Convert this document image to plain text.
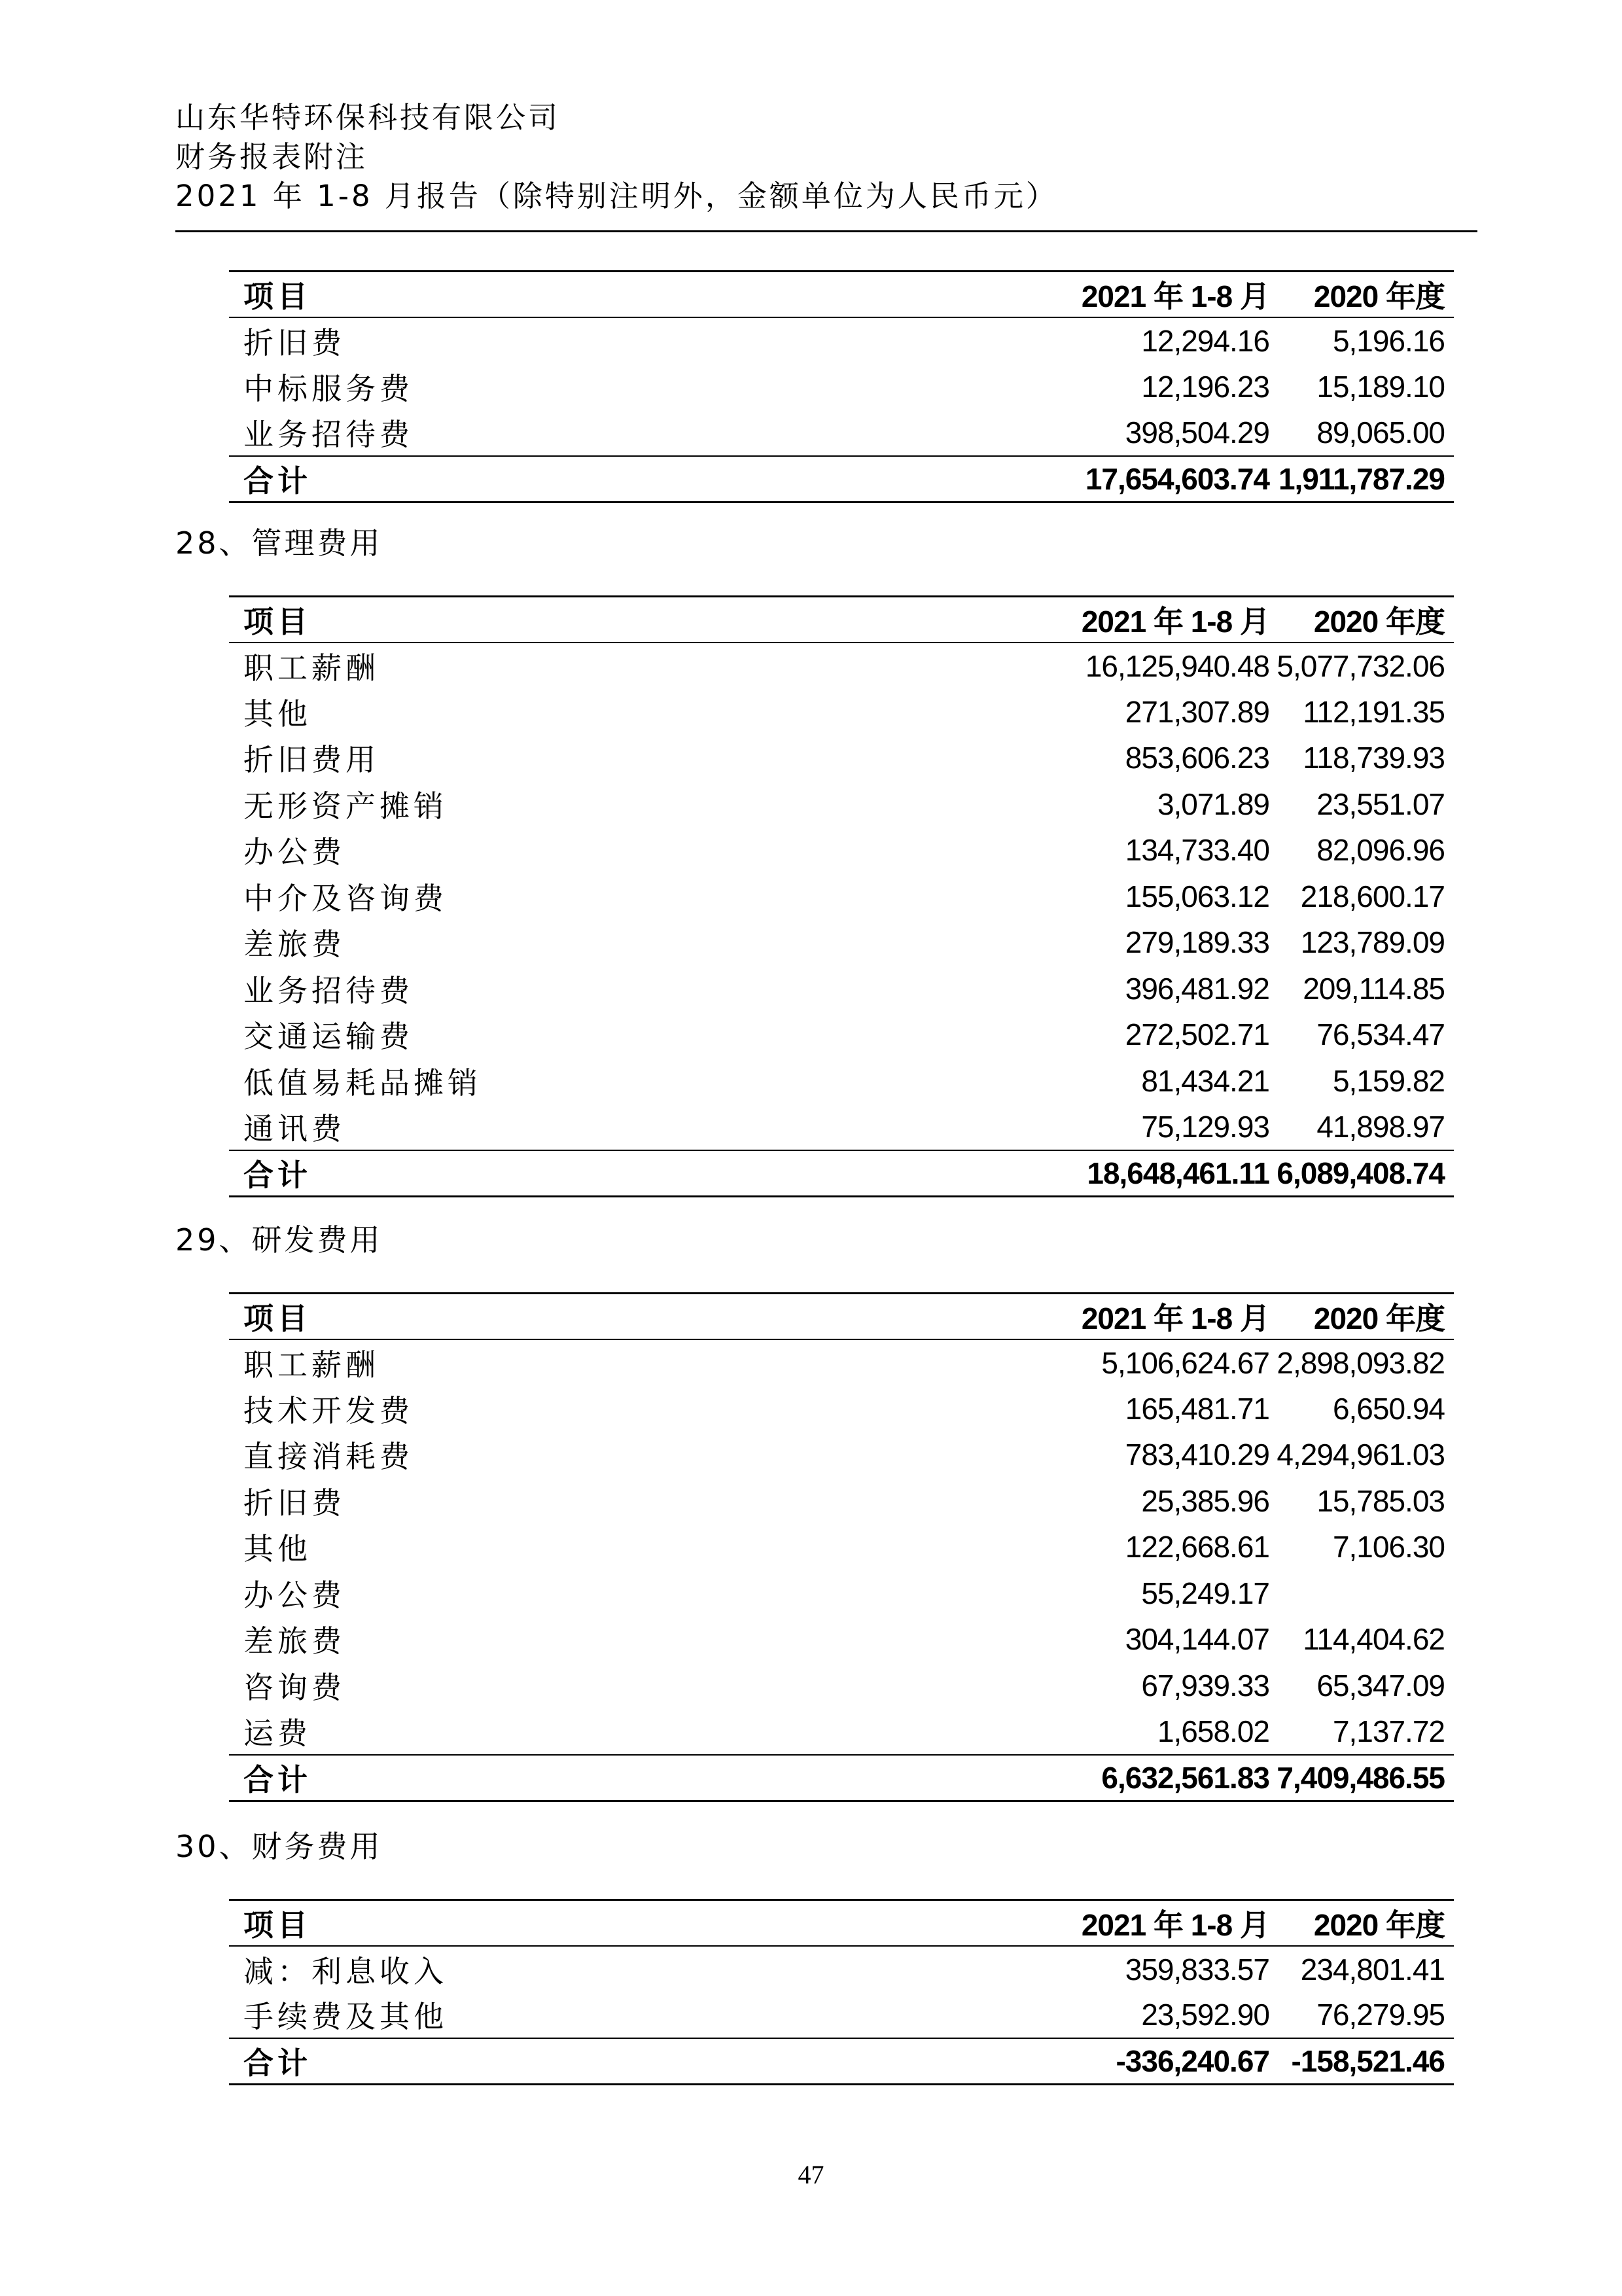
山东华特环保科技有限公司
财务报表附注
2021 年 1-8 月报告（除特别注明外，金额单位为人民币元）
项目	2021 年 1-8 月	2020 年度
折旧费	12,294.16	5,196.16
中标服务费	12,196.23	15,189.10
业务招待费	398,504.29	89,065.00
合计	17,654,603.74	1,911,787.29
28、管理费用
项目	2021 年 1-8 月	2020 年度
职工薪酬	16,125,940.48	5,077,732.06
其他	271,307.89	112,191.35
折旧费用	853,606.23	118,739.93
无形资产摊销	3,071.89	23,551.07
办公费	134,733.40	82,096.96
中介及咨询费	155,063.12	218,600.17
差旅费	279,189.33	123,789.09
业务招待费	396,481.92	209,114.85
交通运输费	272,502.71	76,534.47
低值易耗品摊销	81,434.21	5,159.82
通讯费	75,129.93	41,898.97
合计	18,648,461.11	6,089,408.74
29、研发费用
项目	2021 年 1-8 月	2020 年度
职工薪酬	5,106,624.67	2,898,093.82
技术开发费	165,481.71	6,650.94
直接消耗费	783,410.29	4,294,961.03
折旧费	25,385.96	15,785.03
其他	122,668.61	7,106.30
办公费	55,249.17	
差旅费	304,144.07	114,404.62
咨询费	67,939.33	65,347.09
运费	1,658.02	7,137.72
合计	6,632,561.83	7,409,486.55
30、财务费用
项目	2021 年 1-8 月	2020 年度
减：利息收入	359,833.57	234,801.41
手续费及其他	23,592.90	76,279.95
合计	-336,240.67	-158,521.46
47
